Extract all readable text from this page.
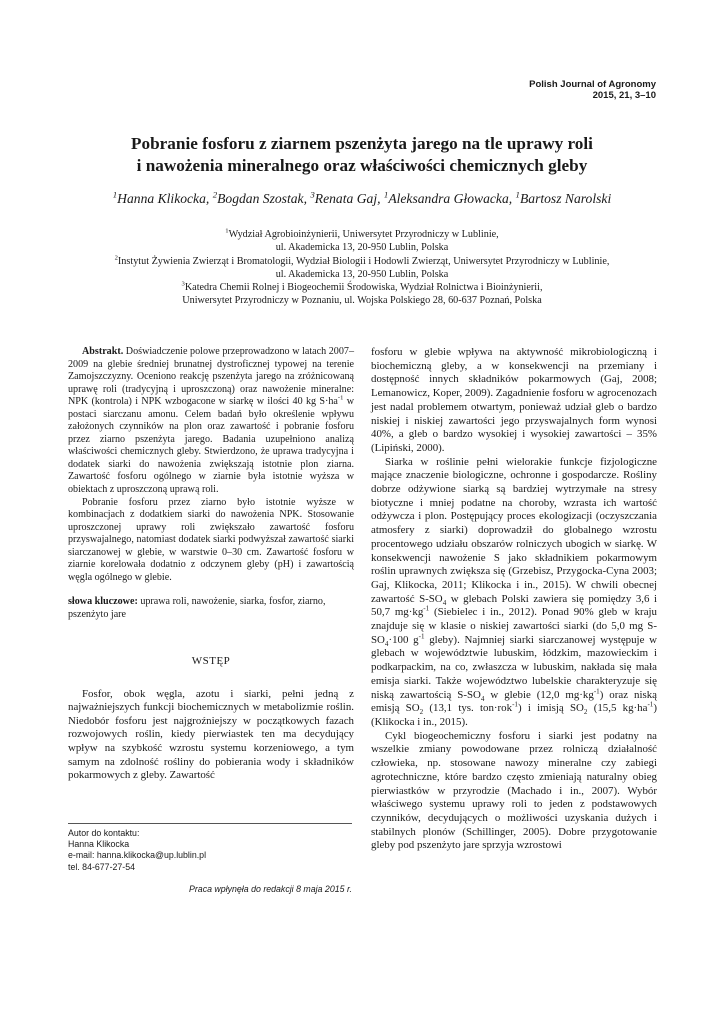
Polish Journal of Agronomy
2015, 21, 3–10
Pobranie fosforu z ziarnem pszenżyta jarego na tle uprawy roli
i nawożenia mineralnego oraz właściwości chemicznych gleby
$^1$Hanna Klikocka, $^2$Bogdan Szostak, $^3$Renata Gaj, $^1$Aleksandra Głowacka, $^1$Bartosz Narolski
$^1$Wydział Agrobioinżynierii, Uniwersytet Przyrodniczy w Lublinie,
ul. Akademicka 13, 20-950 Lublin, Polska
$^2$Instytut Żywienia Zwierząt i Bromatologii, Wydział Biologii i Hodowli Zwierząt, Uniwersytet Przyrodniczy w Lublinie,
ul. Akademicka 13, 20-950 Lublin, Polska
$^3$Katedra Chemii Rolnej i Biogeochemii Środowiska, Wydział Rolnictwa i Bioinżynierii,
Uniwersytet Przyrodniczy w Poznaniu, ul. Wojska Polskiego 28, 60-637 Poznań, Polska

Abstrakt. Doświadczenie polowe przeprowadzono w latach 2007–2009 na glebie średniej brunatnej dystroficznej typowej na terenie Zamojszczyzny. Oceniono reakcję pszenżyta jarego na zróżnicowaną uprawę roli (tradycyjną i uproszczoną) oraz nawożenie mineralne: NPK (kontrola) i NPK wzbogacone w siarkę w ilości 40 kg $S\cdot ha^{-1}$ w postaci siarczanu amonu. Celem badań było określenie wpływu założonych czynników na plon oraz zawartość i pobranie fosforu przez ziarno pszenżyta jarego. Badania uzupełniono analizą właściwości chemicznych gleby. Stwierdzono, że uprawa tradycyjna i dodatek siarki do nawożenia zwiększają istotnie plon ziarna. Zawartość fosforu ogólnego w ziarnie była istotnie wyższa w obiektach z uproszczoną uprawą roli.

Pobranie fosforu przez ziarno było istotnie wyższe w kombinacjach z dodatkiem siarki do nawożenia NPK. Stosowanie uproszczonej uprawy roli zwiększało zawartość fosforu przyswajalnego, natomiast dodatek siarki podwyższał zawartość siarki siarczanowej w glebie, w warstwie 0–30 cm. Zawartość fosforu w ziarnie korelowała dodatnio z odczynem gleby (pH) i zawartością węgla ogólnego w glebie.

słowa kluczowe: uprawa roli, nawożenie, siarka, fosfor, ziarno, pszenżyto jare

WSTĘP

Fosfor, obok węgla, azotu i siarki, pełni jedną z najważniejszych funkcji biochemicznych w metabolizmie roślin. Niedobór fosforu jest najgroźniejszy w początkowych fazach rozwojowych roślin, kiedy pierwiastek ten ma decydujący wpływ na szybkość wzrostu systemu korzeniowego, a tym samym na zdolność rośliny do pobierania wody i składników pokarmowych z gleby. Zawartość

fosforu w glebie wpływa na aktywność mikrobiologiczną i biochemiczną gleby, a w konsekwencji na przemiany i dostępność innych składników pokarmowych (Gaj, 2008; Lemanowicz, Koper, 2009). Zagadnienie fosforu w agrocenozach jest nadal problemem otwartym, ponieważ udział gleb o bardzo niskiej i niskiej zawartości jego przyswajalnych form wynosi 40%, a gleb o bardzo wysokiej i wysokiej zawartości – 35% (Lipiński, 2000).

Siarka w roślinie pełni wielorakie funkcje fizjologiczne mające znaczenie biologiczne, ochronne i gospodarcze. Rośliny dobrze odżywione siarką są bardziej wytrzymałe na stresy biotyczne i mniej podatne na choroby, wzrasta ich wartość odżywcza i plon. Postępujący proces ekologizacji (oczyszczania atmosfery z siarki) doprowadził do globalnego wzrostu procentowego udziału obszarów rolniczych ubogich w siarkę. W konsekwencji nawożenie S jako składnikiem pokarmowym roślin uprawnych zwiększa się (Grzebisz, Przygocka-Cyna 2003; Gaj, Klikocka, 2011; Klikocka i in., 2015). W chwili obecnej zawartość $S-SO_4$ w glebach Polski zawiera się pomiędzy 3,6 i 50,7 $mg\cdot kg^{-1}$ (Siebielec i in., 2012). Ponad 90% gleb w kraju znajduje się w klasie o niskiej zawartości siarki (do 5,0 mg $S-SO_4\cdot 100$ $g^{-1}$ gleby). Najmniej siarki siarczanowej występuje w glebach w województwie lubuskim, łódzkim, mazowieckim i podkarpackim, na co, zwłaszcza w lubuskim, nakłada się mała emisja siarki. Także województwo lubelskie charakteryzuje się niską zawartością $S-SO_4$ w glebie (12,0 $mg\cdot kg^{-1}$) oraz niską emisją $SO_2$ (13,1 tys. ton·rok$^{-1}$) i imisją $SO_2$ (15,5 $kg\cdot ha^{-1}$) (Klikocka i in., 2015).

Cykl biogeochemiczny fosforu i siarki jest podatny na wszelkie zmiany powodowane przez rolniczą działalność człowieka, np. stosowane nawozy mineralne czy zabiegi agrotechniczne, które bardzo często zmieniają naturalny obieg pierwiastków w przyrodzie (Machado i in., 2007). Wybór właściwego systemu uprawy roli to jeden z podstawowych czynników, decydujących o możliwości uzyskania dużych i stabilnych plonów (Schillinger, 2005). Dobre przygotowanie gleby pod pszenżyto jare sprzyja wzrostowi

Autor do kontaktu:
Hanna Klikocka
e-mail: hanna.klikocka@up.lublin.pl
tel. 84-677-27-54
Praca wpłynęła do redakcji 8 maja 2015 r.
